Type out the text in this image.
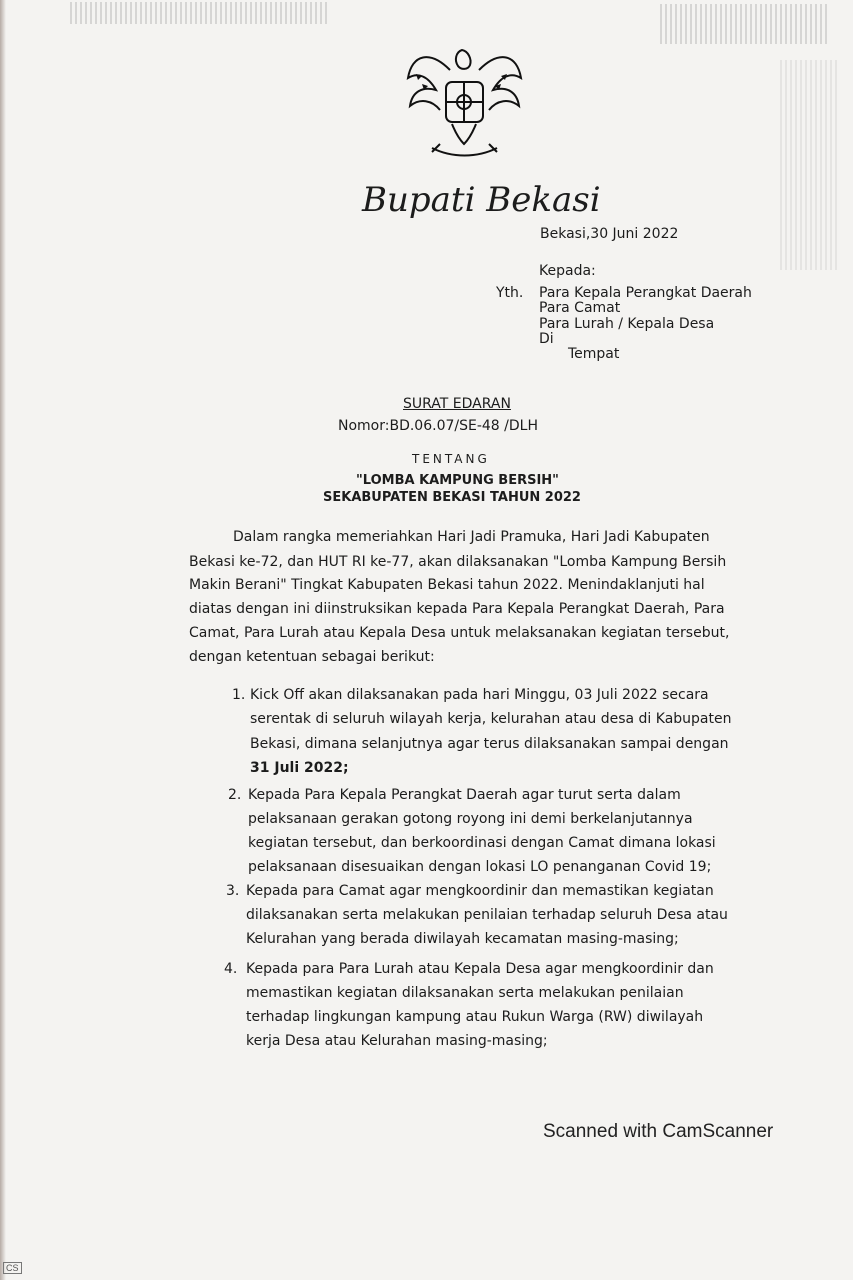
Bupati Bekasi
Bekasi,30 Juni 2022
Kepada:
Yth. Para Kepala Perangkat Daerah
Para Camat
Para Lurah / Kepala Desa
Di
Tempat
SURAT EDARAN
Nomor:BD.06.07/SE-48 /DLH
TENTANG
"LOMBA KAMPUNG BERSIH"
SEKABUPATEN BEKASI TAHUN 2022
Dalam rangka memeriahkan Hari Jadi Pramuka, Hari Jadi Kabupaten
Bekasi ke-72, dan HUT RI ke-77, akan dilaksanakan "Lomba Kampung Bersih
Makin Berani" Tingkat Kabupaten Bekasi tahun 2022. Menindaklanjuti hal
diatas dengan ini diinstruksikan kepada Para Kepala Perangkat Daerah, Para
Camat, Para Lurah atau Kepala Desa untuk melaksanakan kegiatan tersebut,
dengan ketentuan sebagai berikut:
1. Kick Off akan dilaksanakan pada hari Minggu, 03 Juli 2022 secara
serentak di seluruh wilayah kerja, kelurahan atau desa di Kabupaten
Bekasi, dimana selanjutnya agar terus dilaksanakan sampai dengan
31 Juli 2022;
2. Kepada Para Kepala Perangkat Daerah agar turut serta dalam
pelaksanaan gerakan gotong royong ini demi berkelanjutannya
kegiatan tersebut, dan berkoordinasi dengan Camat dimana lokasi
pelaksanaan disesuaikan dengan lokasi LO penanganan Covid 19;
3. Kepada para Camat agar mengkoordinir dan memastikan kegiatan
dilaksanakan serta melakukan penilaian terhadap seluruh Desa atau
Kelurahan yang berada diwilayah kecamatan masing-masing;
4. Kepada para Para Lurah atau Kepala Desa agar mengkoordinir dan
memastikan kegiatan dilaksanakan serta melakukan penilaian
terhadap lingkungan kampung atau Rukun Warga (RW) diwilayah
kerja Desa atau Kelurahan masing-masing;
Scanned with CamScanner
CS
